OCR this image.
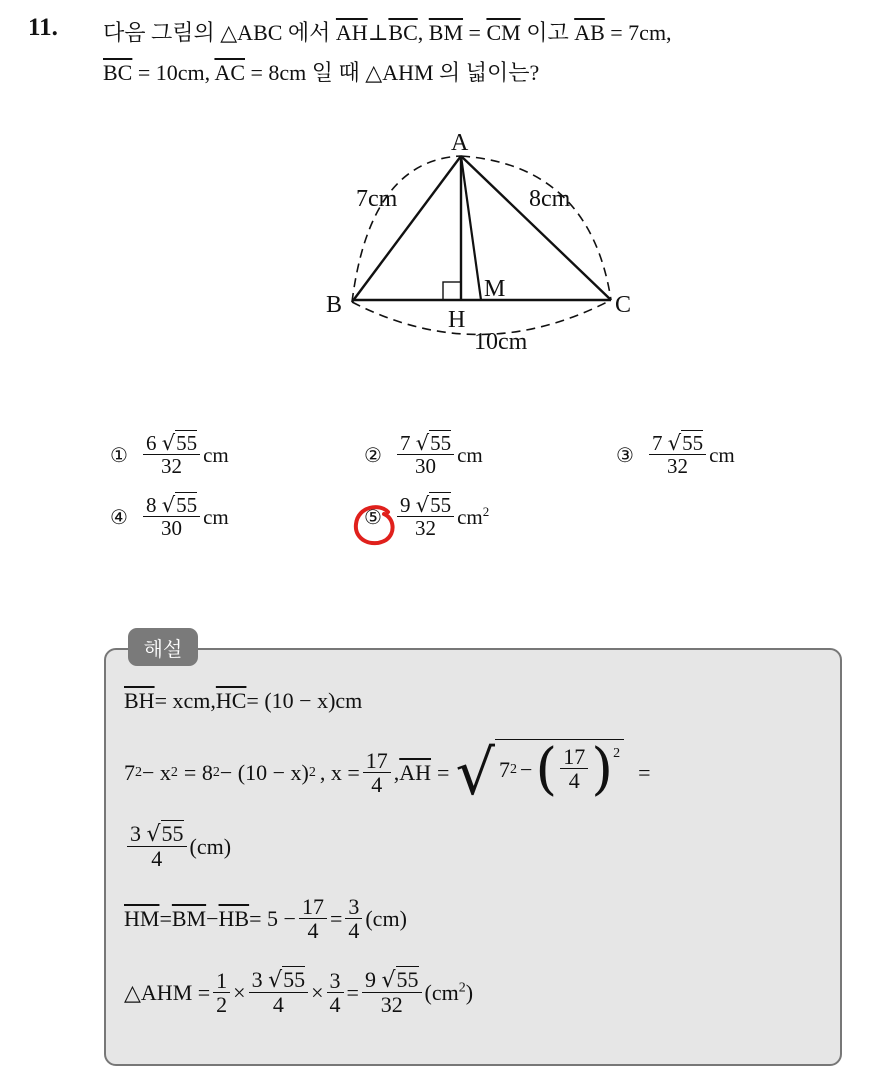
11. 다음 그림의 △ABC 에서 $\overline{AH}\perp\overline{BC}$, $\overline{BM} = \overline{CM}$ 이고 $\overline{AB} = 7cm$,
$\overline{BC} = 10cm$, $\overline{AC} = 8cm$ 일 때 △AHM 의 넓이는?
A
B	C
H
M
7cm	8cm
10cm
① $\frac{6 √55}{32}$ cm	② $\frac{7 √55}{30}$ cm	③ $\frac{7 √55}{32}$ cm
④ $\frac{8 √55}{30}$ cm	⑤ $\frac{9 √55}{32} cm^2$
해설
$\overline{BH}$ = xcm, $\overline{HC} = (10 - x)cm$
7 2 − x 2 = 8 2 − (10 − x) 2 , $x = \frac{17}{4}$ , $\overline{AH}$ = √ 7 2 − ( $\frac{17}{4} )^2$
=
$\frac{3 √55}{4} (cm)$
$\overline{HM} = \overline{BM} - \overline{HB} = 5 - \frac{17}{4} = \frac{3}{4} (cm)$
△AHM = $\frac{1}{2} \times \frac{3 √55}{4} \times \frac{3}{4} = \frac{9 √55}{32} (cm^2)$
